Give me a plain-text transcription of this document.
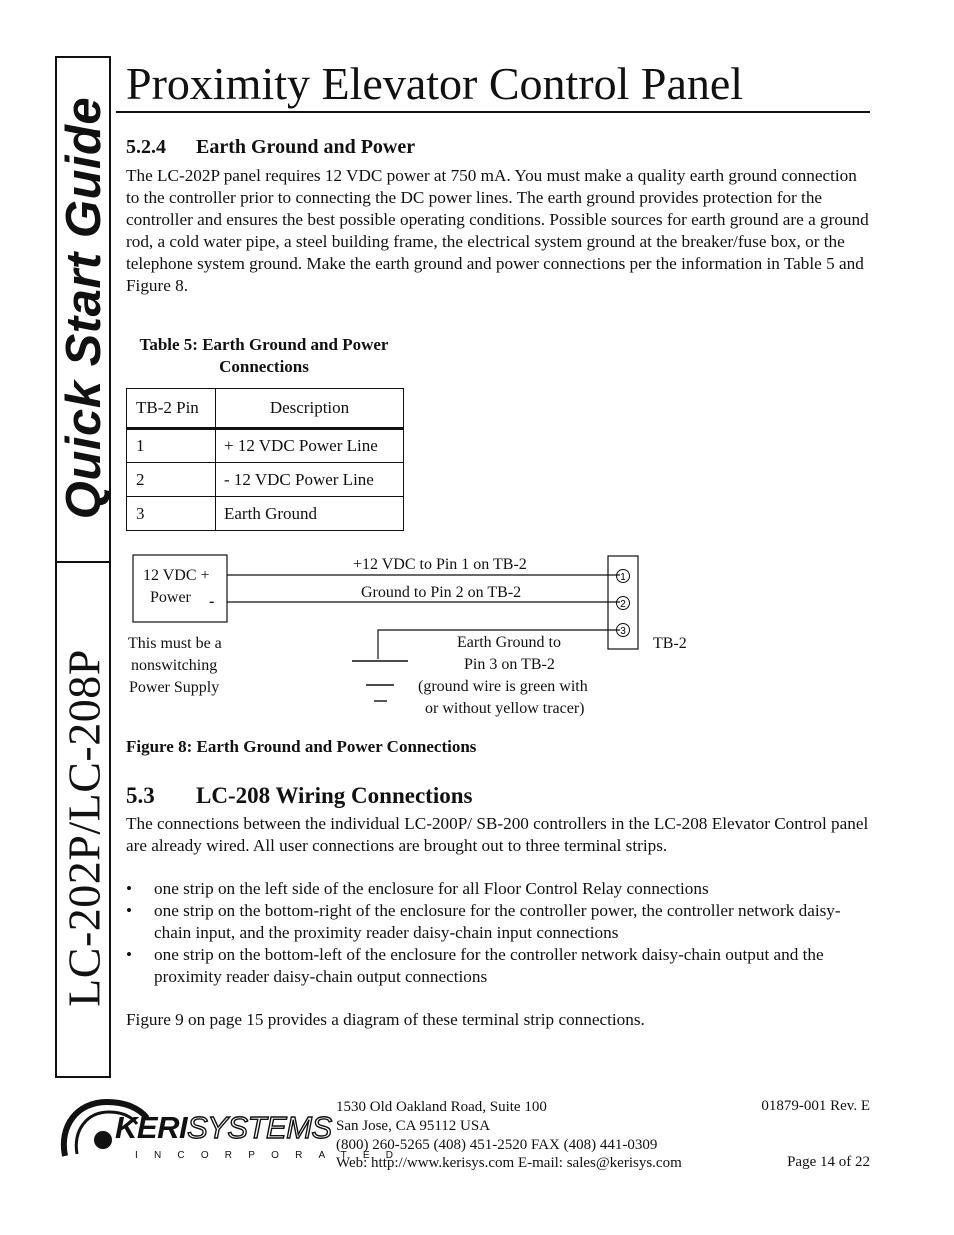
Quick Start Guide
LC-202P/LC-208P
Proximity Elevator Control Panel
5.2.4 Earth Ground and Power
The LC-202P panel requires 12 VDC power at 750 mA. You must make a quality earth ground connection to the controller prior to connecting the DC power lines. The earth ground provides protection for the controller and ensures the best possible operating conditions. Possible sources for earth ground are a ground rod, a cold water pipe, a steel building frame, the electrical system ground at the breaker/fuse box, or the telephone system ground. Make the earth ground and power connections per the information in Table 5 and Figure 8.
Table 5: Earth Ground and Power
Connections
TB-2 Pin	Description
1	+ 12 VDC Power Line
2	- 12 VDC Power Line
3	Earth Ground
1
2
3
12 VDC +
Power -
+12 VDC to Pin 1 on TB-2
Ground to Pin 2 on TB-2
This must be a
nonswitching
Power Supply
Earth Ground to
Pin 3 on TB-2
(ground wire is green with
or without yellow tracer)
TB-2
Figure 8: Earth Ground and Power Connections
5.3 LC-208 Wiring Connections
The connections between the individual LC-200P/ SB-200 controllers in the LC-208 Elevator Control panel are already wired. All user connections are brought out to three terminal strips.
•	one strip on the left side of the enclosure for all Floor Control Relay connections
•	one strip on the bottom-right of the enclosure for the controller power, the controller network daisy-chain input, and the proximity reader daisy-chain input connections
•	one strip on the bottom-left of the enclosure for the controller network daisy-chain output and the proximity reader daisy-chain output connections
Figure 9 on page 15 provides a diagram of these terminal strip connections.
KERISYSTEMS
INCORPORATED
1530 Old Oakland Road, Suite 100
San Jose, CA 95112 USA
(800) 260-5265 (408) 451-2520 FAX (408) 441-0309
Web: http://www.kerisys.com E-mail: sales@kerisys.com
01879-001 Rev. E
Page 14 of 22
